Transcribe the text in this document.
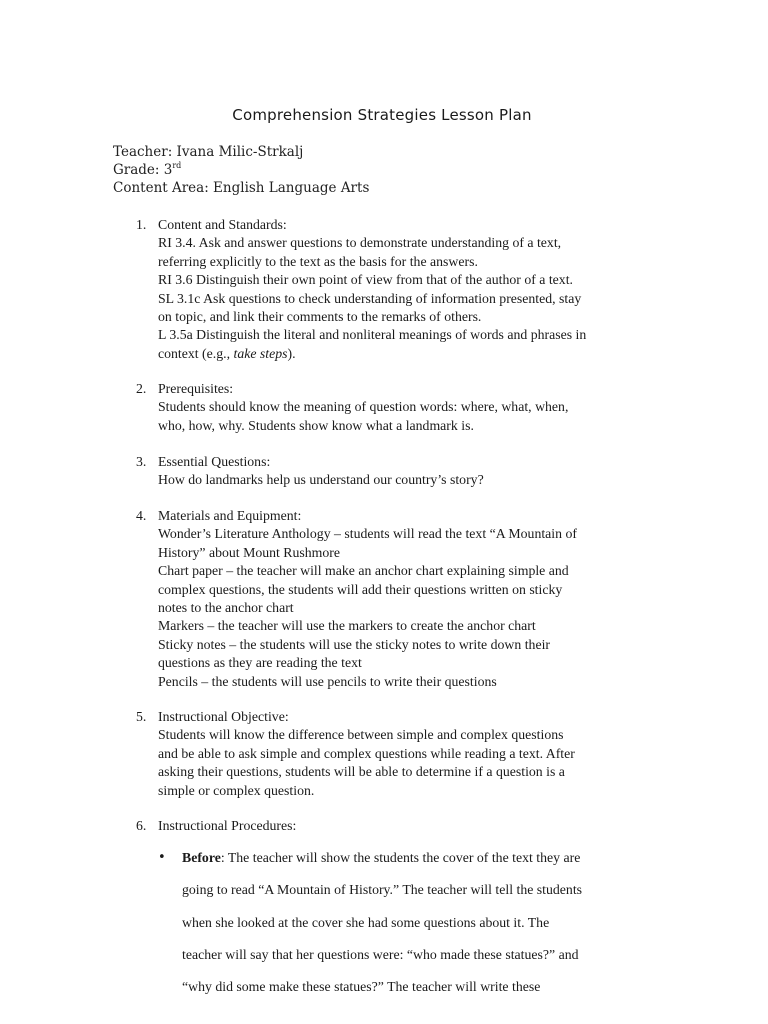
Comprehension Strategies Lesson Plan
Teacher: Ivana Milic-Strkalj
Grade: 3rd
Content Area: English Language Arts
1. Content and Standards:

RI 3.4. Ask and answer questions to demonstrate understanding of a text,

referring explicitly to the text as the basis for the answers.

RI 3.6 Distinguish their own point of view from that of the author of a text.

SL 3.1c Ask questions to check understanding of information presented, stay

on topic, and link their comments to the remarks of others.

L 3.5a Distinguish the literal and nonliteral meanings of words and phrases in

context (e.g., take steps).

2. Prerequisites:

Students should know the meaning of question words: where, what, when,

who, how, why. Students show know what a landmark is.

3. Essential Questions:

How do landmarks help us understand our country’s story?

4. Materials and Equipment:

Wonder’s Literature Anthology – students will read the text “A Mountain of

History” about Mount Rushmore

Chart paper – the teacher will make an anchor chart explaining simple and

complex questions, the students will add their questions written on sticky

notes to the anchor chart

Markers – the teacher will use the markers to create the anchor chart

Sticky notes – the students will use the sticky notes to write down their

questions as they are reading the text

Pencils – the students will use pencils to write their questions

5. Instructional Objective:

Students will know the difference between simple and complex questions

and be able to ask simple and complex questions while reading a text. After

asking their questions, students will be able to determine if a question is a

simple or complex question.

6. Instructional Procedures:

• Before: The teacher will show the students the cover of the text they are

going to read “A Mountain of History.” The teacher will tell the students

when she looked at the cover she had some questions about it. The

teacher will say that her questions were: “who made these statues?” and

“why did some make these statues?” The teacher will write these
